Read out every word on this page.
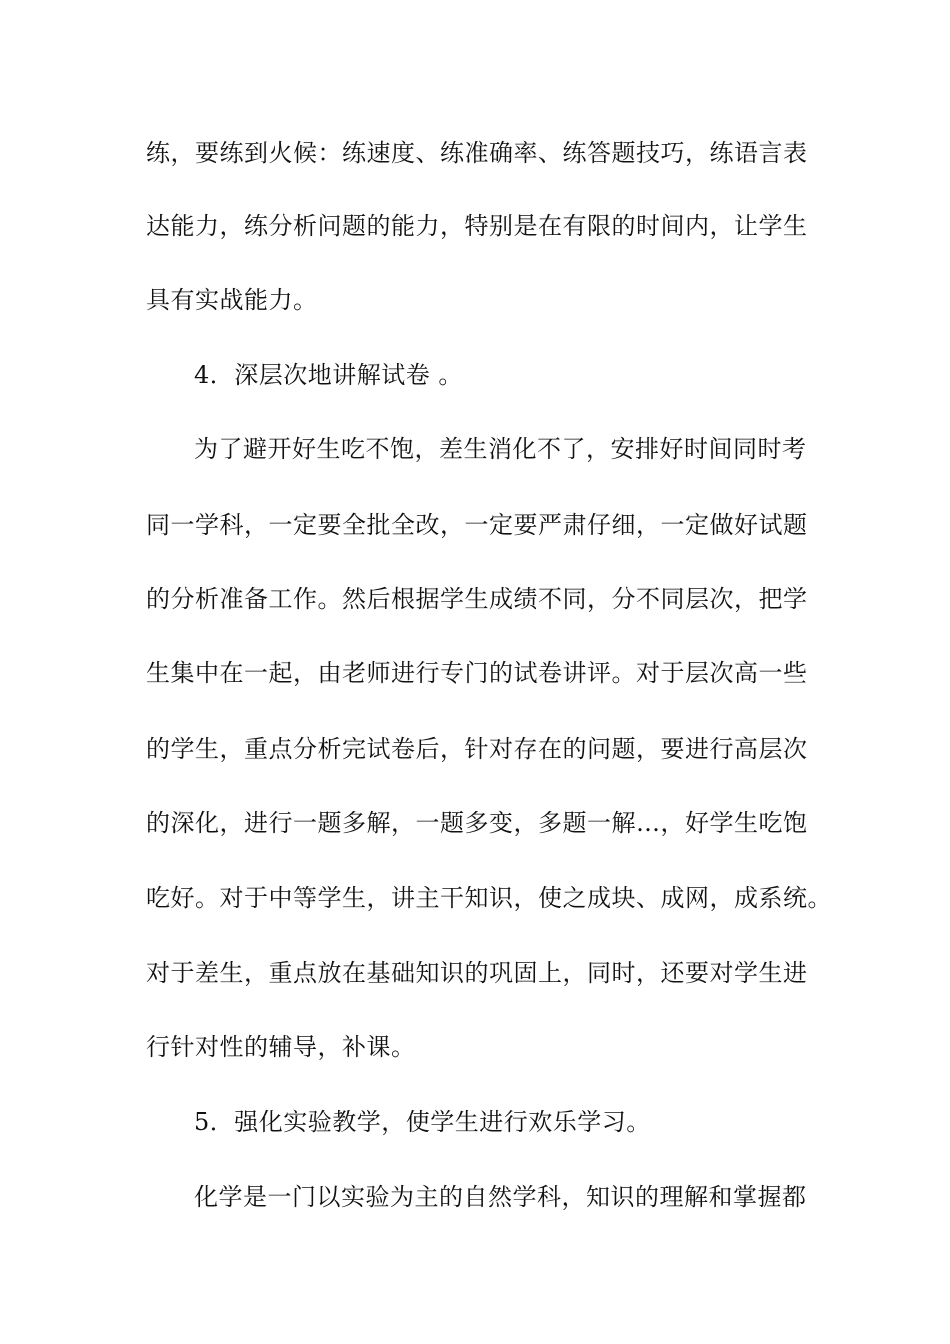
练，要练到火候：练速度、练准确率、练答题技巧，练语言表
达能力，练分析问题的能力，特别是在有限的时间内，让学生
具有实战能力。
4．深层次地讲解试卷 。
为了避开好生吃不饱，差生消化不了，安排好时间同时考
同一学科，一定要全批全改，一定要严肃仔细，一定做好试题
的分析准备工作。然后根据学生成绩不同，分不同层次，把学
生集中在一起，由老师进行专门的试卷讲评。对于层次高一些
的学生，重点分析完试卷后，针对存在的问题，要进行高层次
的深化，进行一题多解，一题多变，多题一解…，好学生吃饱
吃好。对于中等学生，讲主干知识，使之成块、成网，成系统。
对于差生，重点放在基础知识的巩固上，同时，还要对学生进
行针对性的辅导，补课。
5．强化实验教学，使学生进行欢乐学习。
化学是一门以实验为主的自然学科，知识的理解和掌握都
